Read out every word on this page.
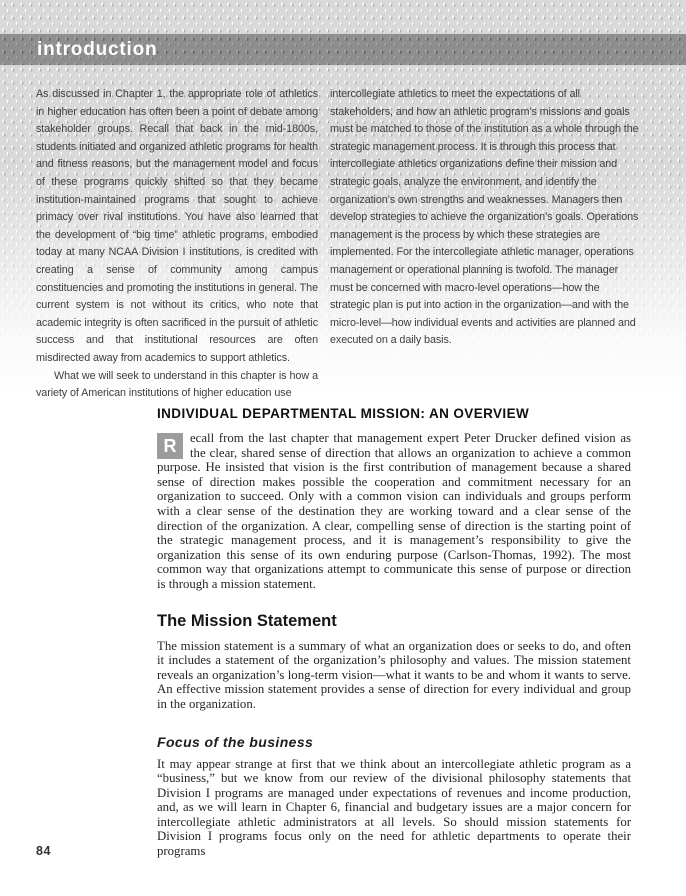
introduction

As discussed in Chapter 1, the appropriate role of athletics in higher education has often been a point of debate among stakeholder groups. Recall that back in the mid-1800s, students initiated and organized athletic programs for health and fitness reasons, but the management model and focus of these programs quickly shifted so that they became institution-maintained programs that sought to achieve primacy over rival institutions. You have also learned that the development of “big time” athletic programs, embodied today at many NCAA Division I institutions, is credited with creating a sense of community among campus constituencies and promoting the institutions in general. The current system is not without its critics, who note that academic integrity is often sacrificed in the pursuit of athletic success and that institutional resources are often misdirected away from academics to support athletics.

What we will seek to understand in this chapter is how a variety of American institutions of higher education use

intercollegiate athletics to meet the expectations of all stakeholders, and how an athletic program’s missions and goals must be matched to those of the institution as a whole through the strategic management process. It is through this process that intercollegiate athletics organizations define their mission and strategic goals, analyze the environment, and identify the organization’s own strengths and weaknesses. Managers then develop strategies to achieve the organization’s goals. Operations management is the process by which these strategies are implemented. For the intercollegiate athletic manager, operations management or operational planning is twofold. The manager must be concerned with macro-level operations—how the strategic plan is put into action in the organization—and with the micro-level—how individual events and activities are planned and executed on a daily basis.

INDIVIDUAL DEPARTMENTAL MISSION: AN OVERVIEW

R ecall from the last chapter that management expert Peter Drucker defined vision as the clear, shared sense of direction that allows an organization to achieve a common purpose. He insisted that vision is the first contribution of management because a shared sense of direction makes possible the cooperation and commitment necessary for an organization to succeed. Only with a common vision can individuals and groups perform with a clear sense of the destination they are working toward and a clear sense of the direction of the organization. A clear, compelling sense of direction is the starting point of the strategic management process, and it is management’s responsibility to give the organization this sense of its own enduring purpose (Carlson-Thomas, 1992). The most common way that organizations attempt to communicate this sense of purpose or direction is through a mission statement.

The Mission Statement

The mission statement is a summary of what an organization does or seeks to do, and often it includes a statement of the organization’s philosophy and values. The mission statement reveals an organization’s long-term vision—what it wants to be and whom it wants to serve. An effective mission statement provides a sense of direction for every individual and group in the organization.

Focus of the business

It may appear strange at first that we think about an intercollegiate athletic program as a “business,” but we know from our review of the divisional philosophy statements that Division I programs are managed under expectations of revenues and income production, and, as we will learn in Chapter 6, financial and budgetary issues are a major concern for intercollegiate athletic administrators at all levels. So should mission statements for Division I programs focus only on the need for athletic departments to operate their programs

84
